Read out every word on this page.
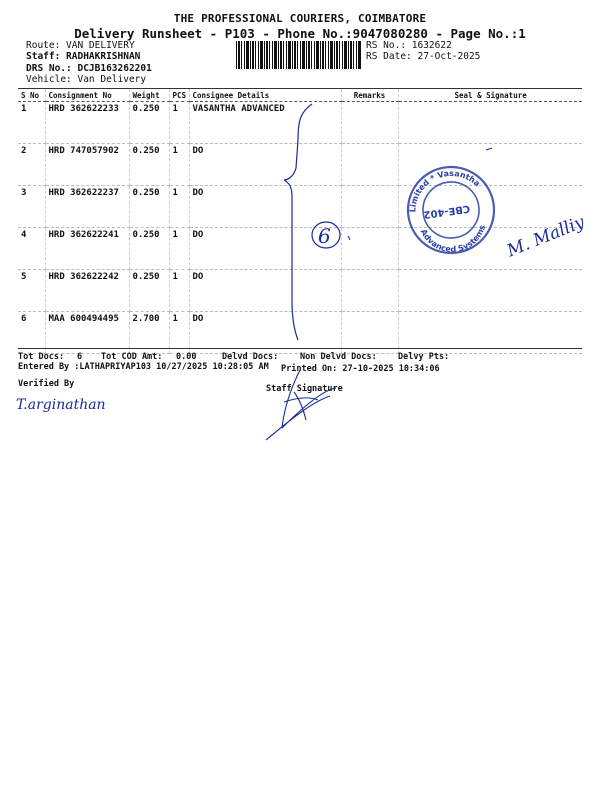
THE PROFESSIONAL COURIERS, COIMBATORE
Delivery Runsheet - P103 - Phone No.:9047080280 - Page No.:1
Route: VAN DELIVERY
Staff: RADHAKRISHNAN
DRS No.: DCJB163262201
Vehicle: Van Delivery
RS No.: 1632622
RS Date: 27-Oct-2025
S No	Consignment No	Weight	PCS	Consignee Details	Remarks	Seal & Signature
1	HRD 362622233	0.250	1	VASANTHA ADVANCED		
2	HRD 747057902	0.250	1	DO		
3	HRD 362622237	0.250	1	DO		
4	HRD 362622241	0.250	1	DO		
5	HRD 362622242	0.250	1	DO		
6	MAA 600494495	2.700	1	DO		
Tot Docs: 6 Tot COD Amt: 0.00	Delvd Docs:	Non Delvd Docs: Delvy Pts:
Entered By :LATHAPRIYAP103 10/27/2025 10:28:05 AM Printed On: 27-10-2025 10:34:06
Verified By	Staff Signature
6
Limited * Vasantha
Advanced Systems
CBE-402
M. Malliy
T.arginathan
